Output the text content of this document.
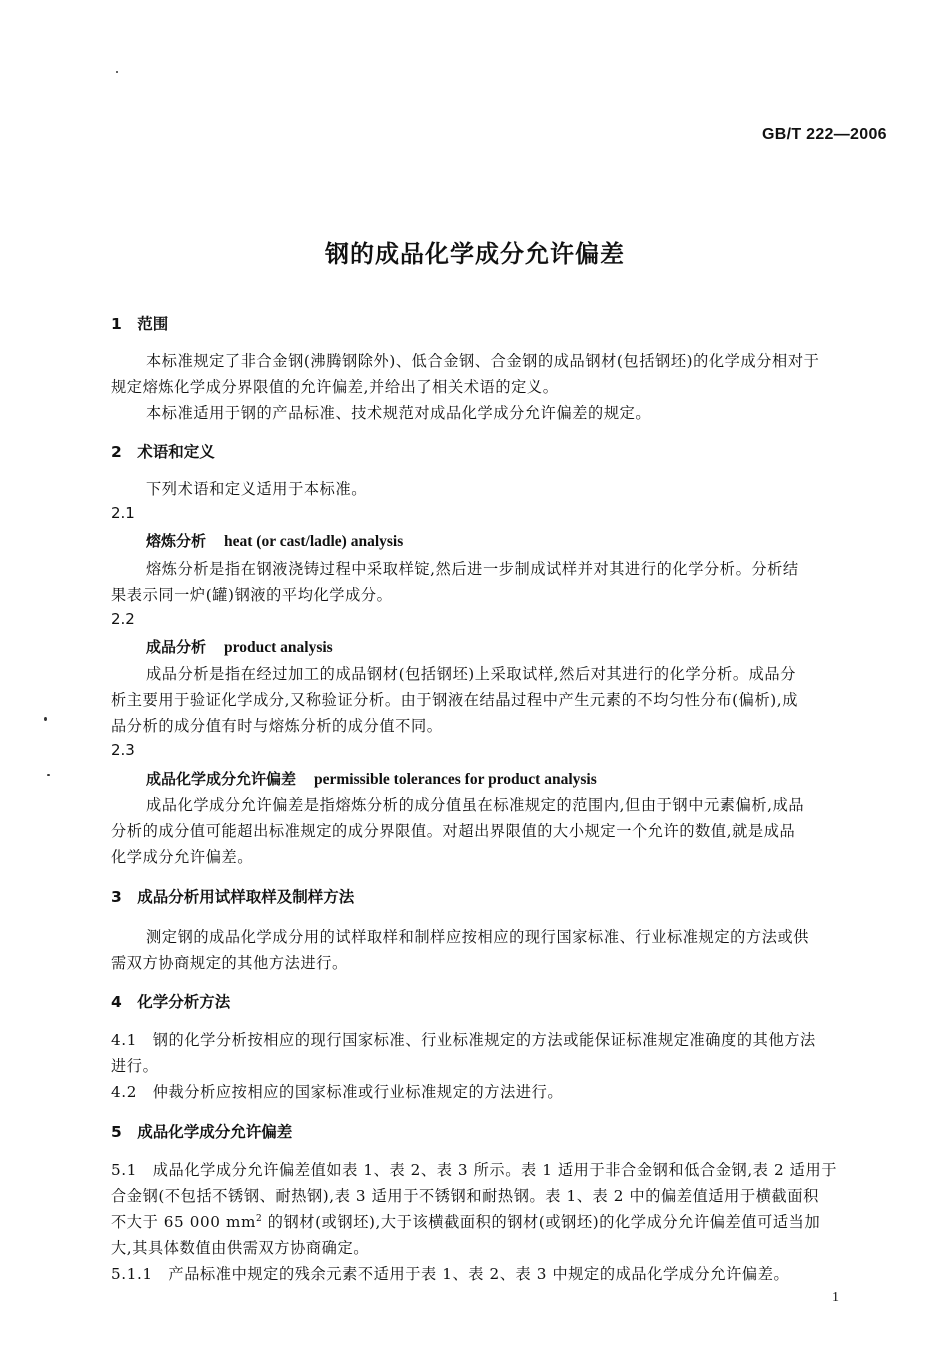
GB/T 222—2006
钢的成品化学成分允许偏差
1　范围
本标准规定了非合金钢(沸腾钢除外)、低合金钢、合金钢的成品钢材(包括钢坯)的化学成分相对于
规定熔炼化学成分界限值的允许偏差,并给出了相关术语的定义。
本标准适用于钢的产品标准、技术规范对成品化学成分允许偏差的规定。
2　术语和定义
下列术语和定义适用于本标准。
2.1
熔炼分析 heat (or cast/ladle) analysis
熔炼分析是指在钢液浇铸过程中采取样锭,然后进一步制成试样并对其进行的化学分析。分析结
果表示同一炉(罐)钢液的平均化学成分。
2.2
成品分析 product analysis
成品分析是指在经过加工的成品钢材(包括钢坯)上采取试样,然后对其进行的化学分析。成品分
析主要用于验证化学成分,又称验证分析。由于钢液在结晶过程中产生元素的不均匀性分布(偏析),成
品分析的成分值有时与熔炼分析的成分值不同。
2.3
成品化学成分允许偏差 permissible tolerances for product analysis
成品化学成分允许偏差是指熔炼分析的成分值虽在标准规定的范围内,但由于钢中元素偏析,成品
分析的成分值可能超出标准规定的成分界限值。对超出界限值的大小规定一个允许的数值,就是成品
化学成分允许偏差。
3　成品分析用试样取样及制样方法
测定钢的成品化学成分用的试样取样和制样应按相应的现行国家标准、行业标准规定的方法或供
需双方协商规定的其他方法进行。
4　化学分析方法
4.1　钢的化学分析按相应的现行国家标准、行业标准规定的方法或能保证标准规定准确度的其他方法
进行。
4.2　仲裁分析应按相应的国家标准或行业标准规定的方法进行。
5　成品化学成分允许偏差
5.1　成品化学成分允许偏差值如表 1、表 2、表 3 所示。表 1 适用于非合金钢和低合金钢,表 2 适用于
合金钢(不包括不锈钢、耐热钢),表 3 适用于不锈钢和耐热钢。表 1、表 2 中的偏差值适用于横截面积
不大于 65 000 $mm^2$ 的钢材(或钢坯),大于该横截面积的钢材(或钢坯)的化学成分允许偏差值可适当加
大,其具体数值由供需双方协商确定。
5.1.1　产品标准中规定的残余元素不适用于表 1、表 2、表 3 中规定的成品化学成分允许偏差。
1
